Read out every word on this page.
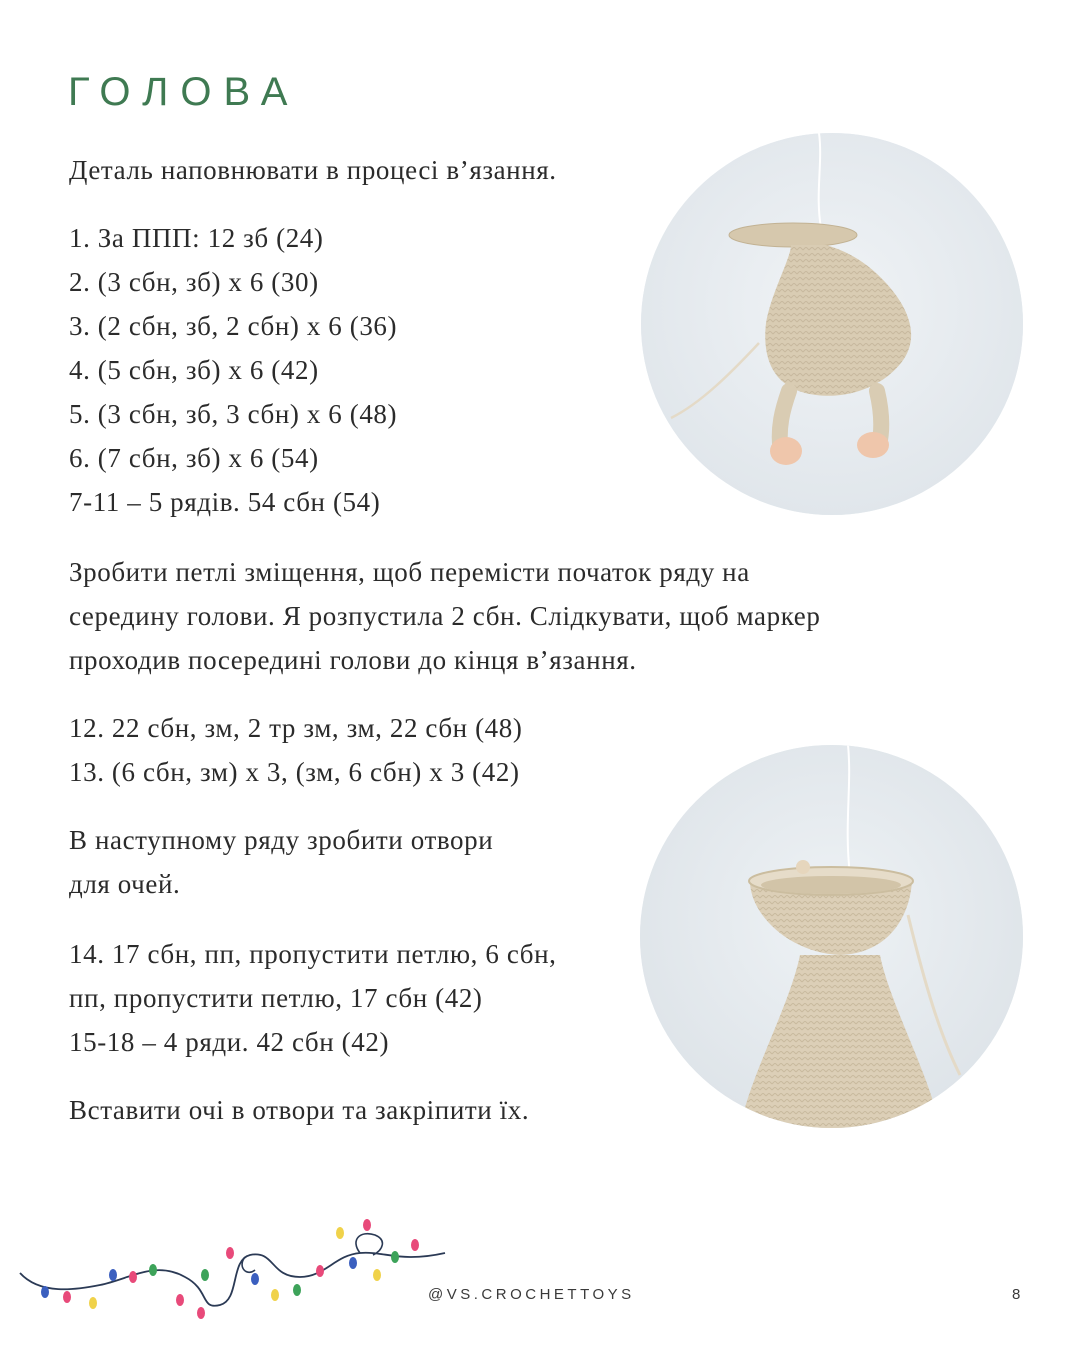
ГОЛОВА

Деталь наповнювати в процесі в’язання.

1. За ППП: 12 зб (24)
2. (3 сбн, зб) х 6 (30)
3. (2 сбн, зб, 2 сбн) х 6 (36)
4. (5 сбн, зб) х 6 (42)
5. (3 сбн, зб, 3 сбн) х 6 (48)
6. (7 сбн, зб) х 6 (54)
7-11 – 5 рядів. 54 сбн (54)

Зробити петлі зміщення, щоб перемісти початок ряду на
середину голови. Я розпустила 2 сбн. Слідкувати, щоб маркер
проходив посередині голови до кінця в’язання.

12. 22 сбн, зм, 2 тр зм, зм, 22 сбн (48)
13. (6 сбн, зм) х 3, (зм, 6 сбн) х 3 (42)

В наступному ряду зробити отвори
для очей.

14. 17 сбн, пп, пропустити петлю, 6 сбн,
пп, пропустити петлю, 17 сбн (42)
15-18 – 4 ряди. 42 сбн (42)

Вставити очі в отвори та закріпити їх.

@VS.CROCHETTOYS	8
